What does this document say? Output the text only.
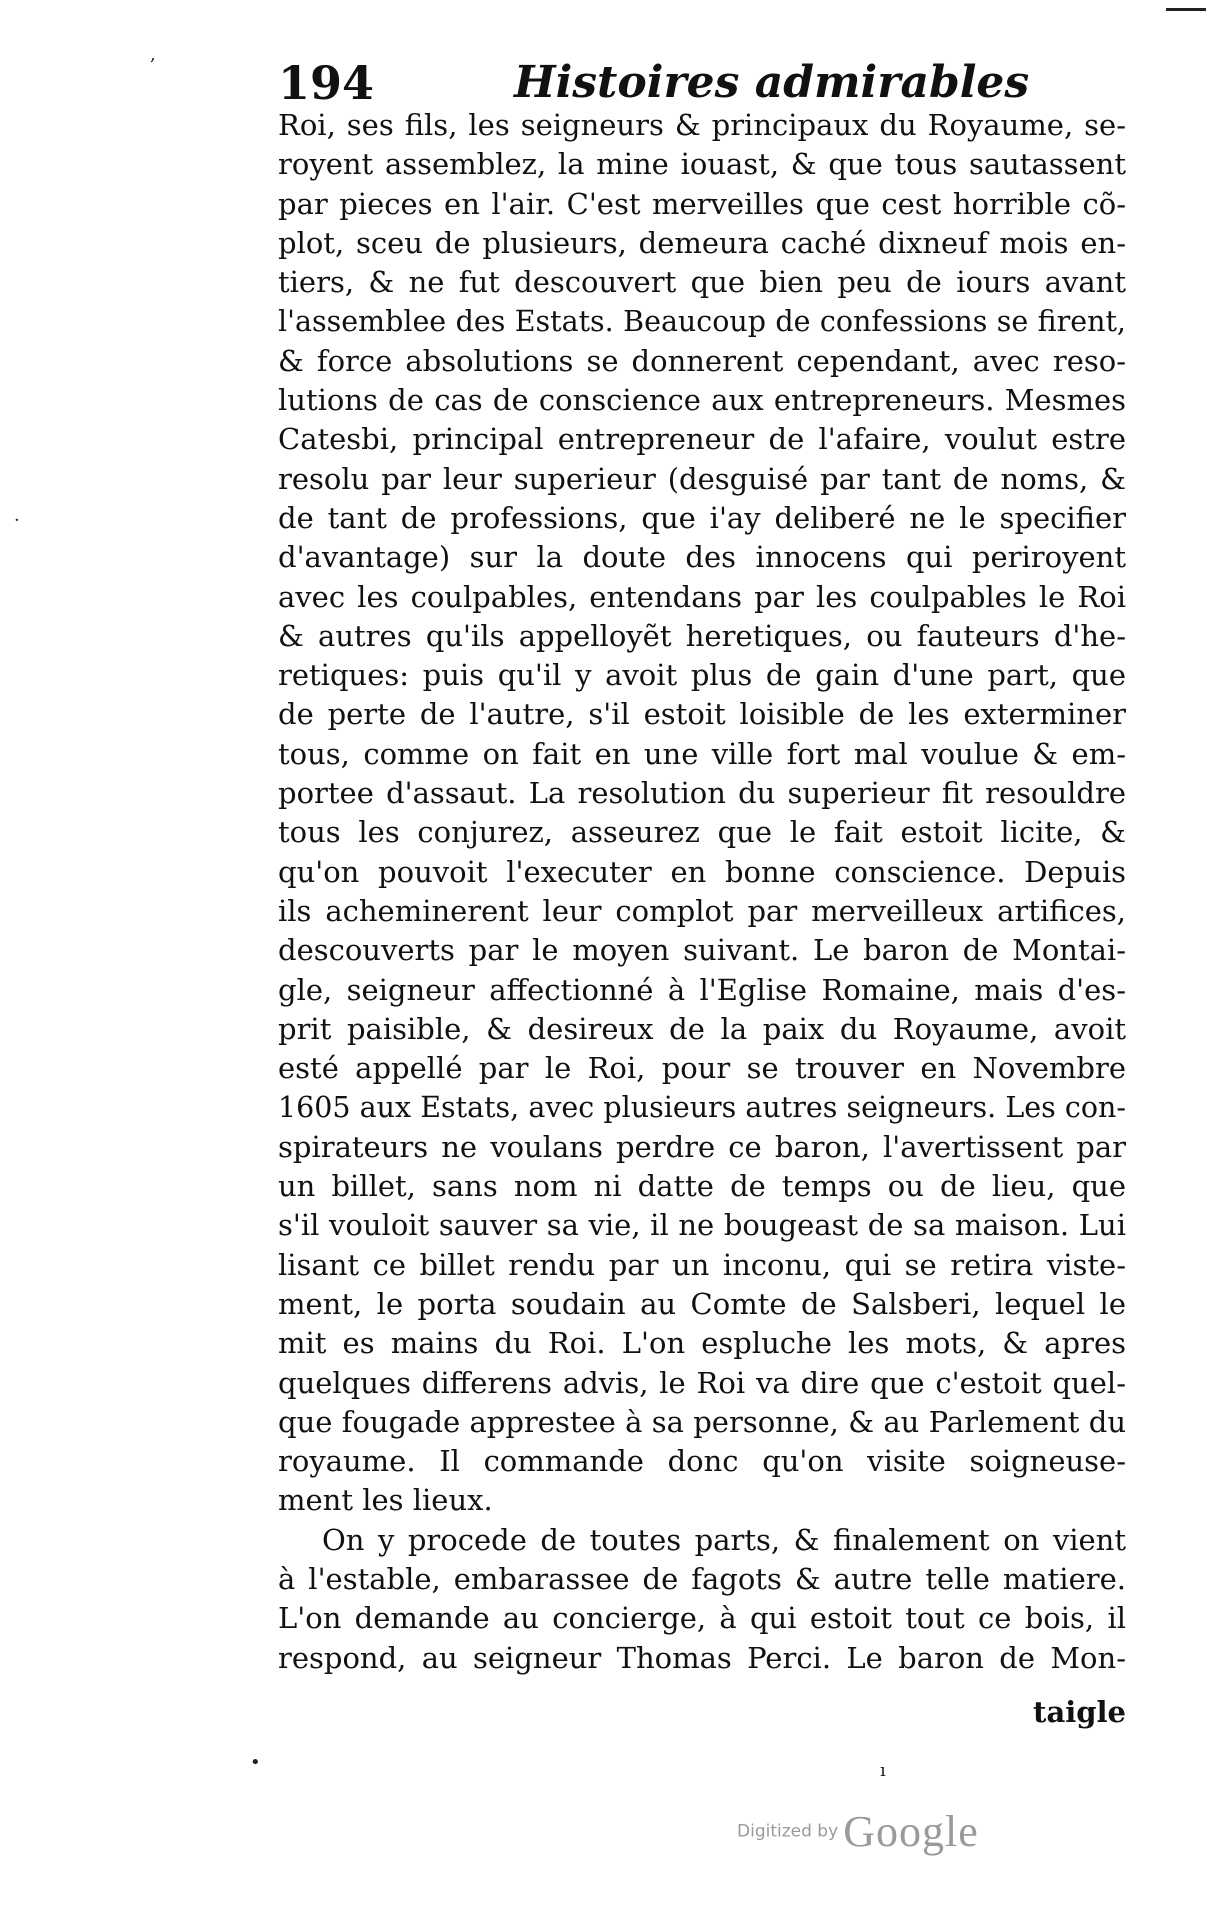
194	Histoires admirables
Roi, ses fils, les seigneurs & principaux du Royaume, se-
royent assemblez, la mine iouast, & que tous sautassent
par pieces en l'air. C'est merveilles que cest horrible cõ-
plot, sceu de plusieurs, demeura caché dixneuf mois en-
tiers, & ne fut descouvert que bien peu de iours avant
l'assemblee des Estats. Beaucoup de confessions se firent,
& force absolutions se donnerent cependant, avec reso-
lutions de cas de conscience aux entrepreneurs. Mesmes
Catesbi, principal entrepreneur de l'afaire, voulut estre
resolu par leur superieur (desguisé par tant de noms, &
de tant de professions, que i'ay deliberé ne le specifier
d'avantage) sur la doute des innocens qui periroyent
avec les coulpables, entendans par les coulpables le Roi
& autres qu'ils appelloyẽt heretiques, ou fauteurs d'he-
retiques: puis qu'il y avoit plus de gain d'une part, que
de perte de l'autre, s'il estoit loisible de les exterminer
tous, comme on fait en une ville fort mal voulue & em-
portee d'assaut. La resolution du superieur fit resouldre
tous les conjurez, asseurez que le fait estoit licite, &
qu'on pouvoit l'executer en bonne conscience. Depuis
ils acheminerent leur complot par merveilleux artifices,
descouverts par le moyen suivant. Le baron de Montai-
gle, seigneur affectionné à l'Eglise Romaine, mais d'es-
prit paisible, & desireux de la paix du Royaume, avoit
esté appellé par le Roi, pour se trouver en Novembre
1605 aux Estats, avec plusieurs autres seigneurs. Les con-
spirateurs ne voulans perdre ce baron, l'avertissent par
un billet, sans nom ni datte de temps ou de lieu, que
s'il vouloit sauver sa vie, il ne bougeast de sa maison. Lui
lisant ce billet rendu par un inconu, qui se retira viste-
ment, le porta soudain au Comte de Salsberi, lequel le
mit es mains du Roi. L'on espluche les mots, & apres
quelques differens advis, le Roi va dire que c'estoit quel-
que fougade apprestee à sa personne, & au Parlement du
royaume. Il commande donc qu'on visite soigneuse-
ment les lieux.
On y procede de toutes parts, & finalement on vient
à l'estable, embarassee de fagots & autre telle matiere.
L'on demande au concierge, à qui estoit tout ce bois, il
respond, au seigneur Thomas Perci. Le baron de Mon-
taigle
,
·
•	ı
Digitized by Google
